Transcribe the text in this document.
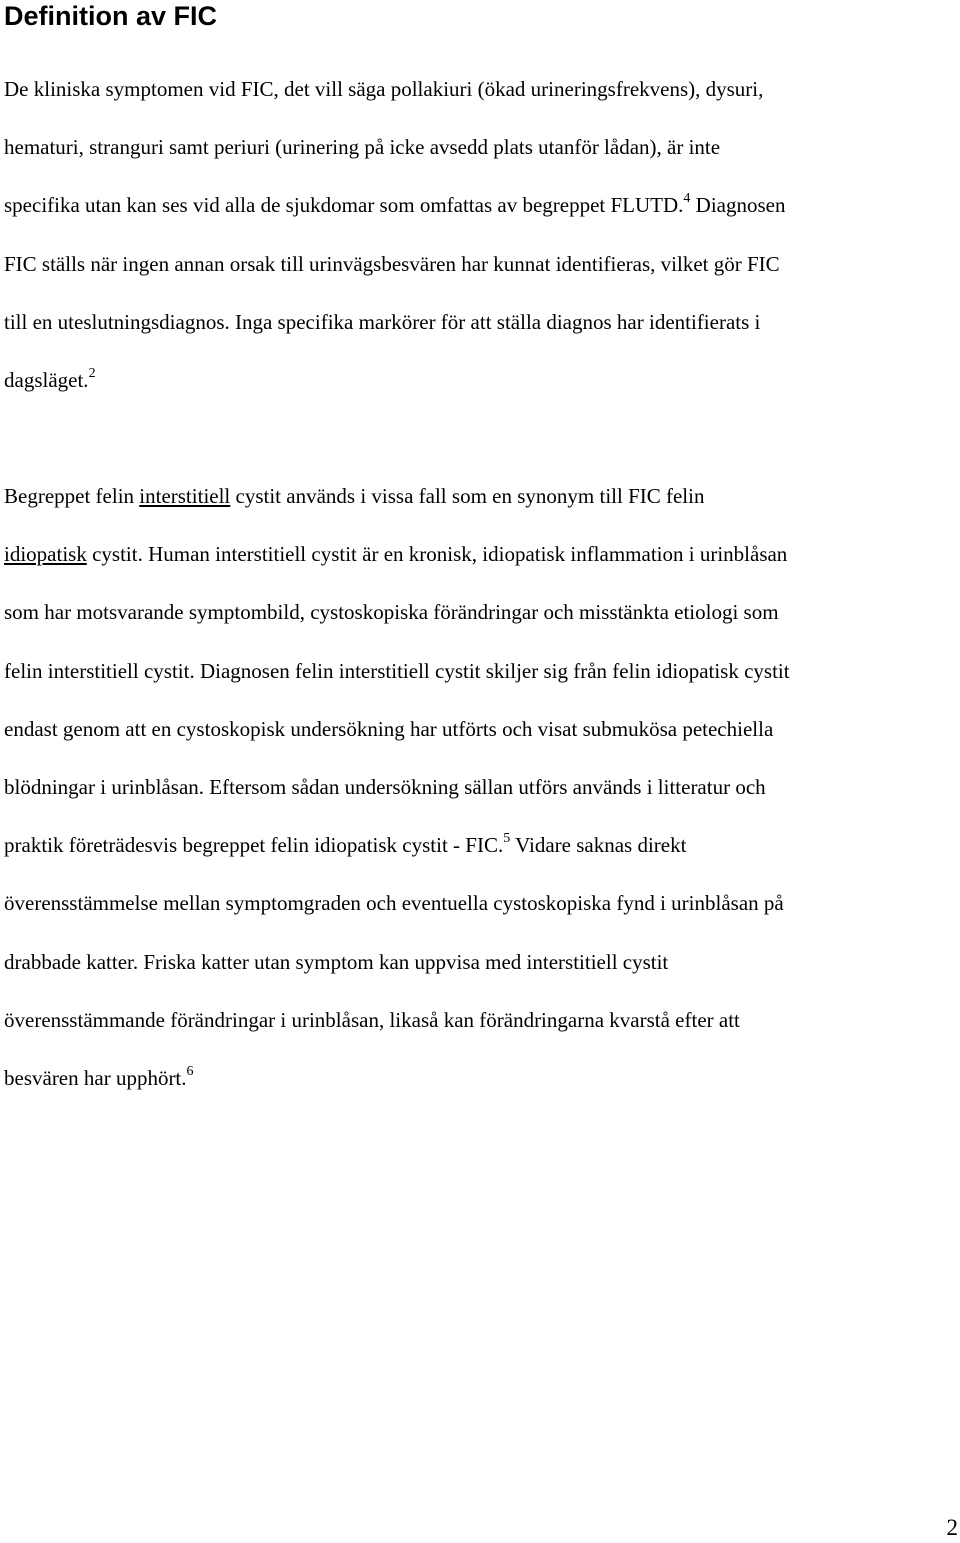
Definition av FIC

De kliniska symptomen vid FIC, det vill säga pollakiuri (ökad urineringsfrekvens), dysuri,
hematuri, stranguri samt periuri (urinering på icke avsedd plats utanför lådan), är inte
specifika utan kan ses vid alla de sjukdomar som omfattas av begreppet FLUTD.$^4$ Diagnosen
FIC ställs när ingen annan orsak till urinvägsbesvären har kunnat identifieras, vilket gör FIC
till en uteslutningsdiagnos. Inga specifika markörer för att ställa diagnos har identifierats i
dagsläget.$^2$

Begreppet felin interstitiell cystit används i vissa fall som en synonym till FIC felin
idiopatisk cystit. Human interstitiell cystit är en kronisk, idiopatisk inflammation i urinblåsan
som har motsvarande symptombild, cystoskopiska förändringar och misstänkta etiologi som
felin interstitiell cystit. Diagnosen felin interstitiell cystit skiljer sig från felin idiopatisk cystit
endast genom att en cystoskopisk undersökning har utförts och visat submukösa petechiella
blödningar i urinblåsan. Eftersom sådan undersökning sällan utförs används i litteratur och
praktik företrädesvis begreppet felin idiopatisk cystit - FIC.$^5$ Vidare saknas direkt
överensstämmelse mellan symptomgraden och eventuella cystoskopiska fynd i urinblåsan på
drabbade katter. Friska katter utan symptom kan uppvisa med interstitiell cystit
överensstämmande förändringar i urinblåsan, likaså kan förändringarna kvarstå efter att
besvären har upphört.$^6$

2
